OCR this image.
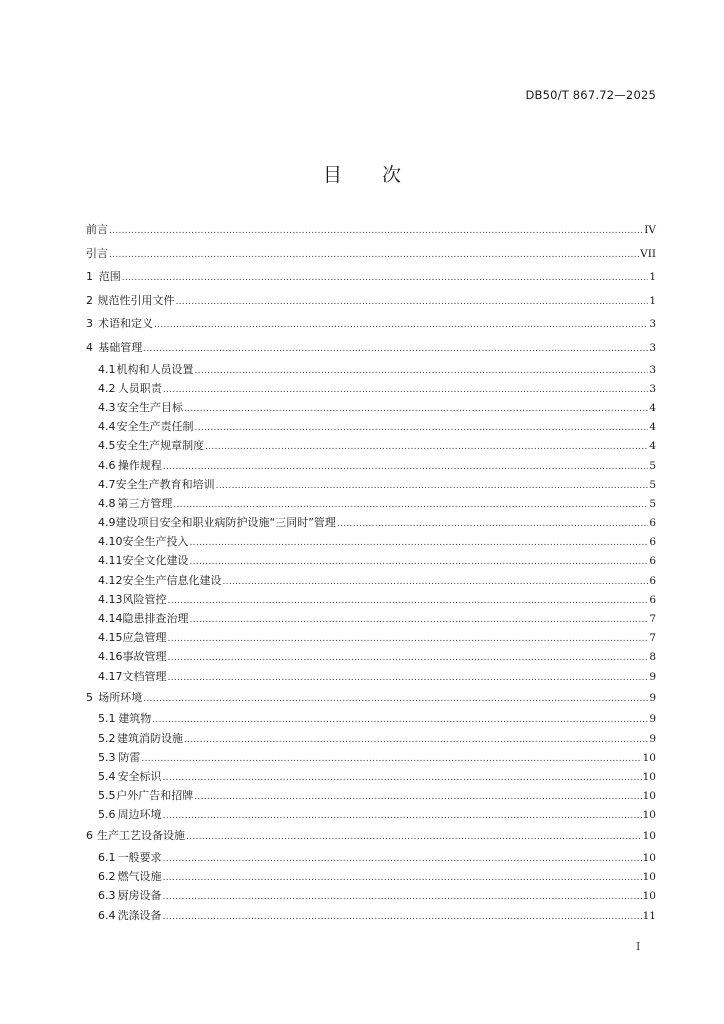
DB50/T 867.72—2025
目 次
前言 .....	IV
引言 .....	VII
1 范围 .....	1
2 规范性引用文件 .....	1
3 术语和定义 .....	3
4 基础管理 .....	3
4.1 机构和人员设置 .....	3
4.2 人员职责 .....	3
4.3 安全生产目标 .....	4
4.4 安全生产责任制 .....	4
4.5 安全生产规章制度 .....	4
4.6 操作规程 .....	5
4.7 安全生产教育和培训 .....	5
4.8 第三方管理 .....	5
4.9 建设项目安全和职业病防护设施“三同时”管理 .....	6
4.10 安全生产投入 .....	6
4.11 安全文化建设 .....	6
4.12 安全生产信息化建设 .....	6
4.13 风险管控 .....	6
4.14 隐患排查治理 .....	7
4.15 应急管理 .....	7
4.16 事故管理 .....	8
4.17 文档管理 .....	9
5 场所环境 .....	9
5.1 建筑物 .....	9
5.2 建筑消防设施 .....	9
5.3 防雷 .....	10
5.4 安全标识 .....	10
5.5 户外广告和招牌 .....	10
5.6 周边环境 .....	10
6 生产工艺设备设施 .....	10
6.1 一般要求 .....	10
6.2 燃气设施 .....	10
6.3 厨房设备 .....	10
6.4 洗涤设备 .....	11
I
